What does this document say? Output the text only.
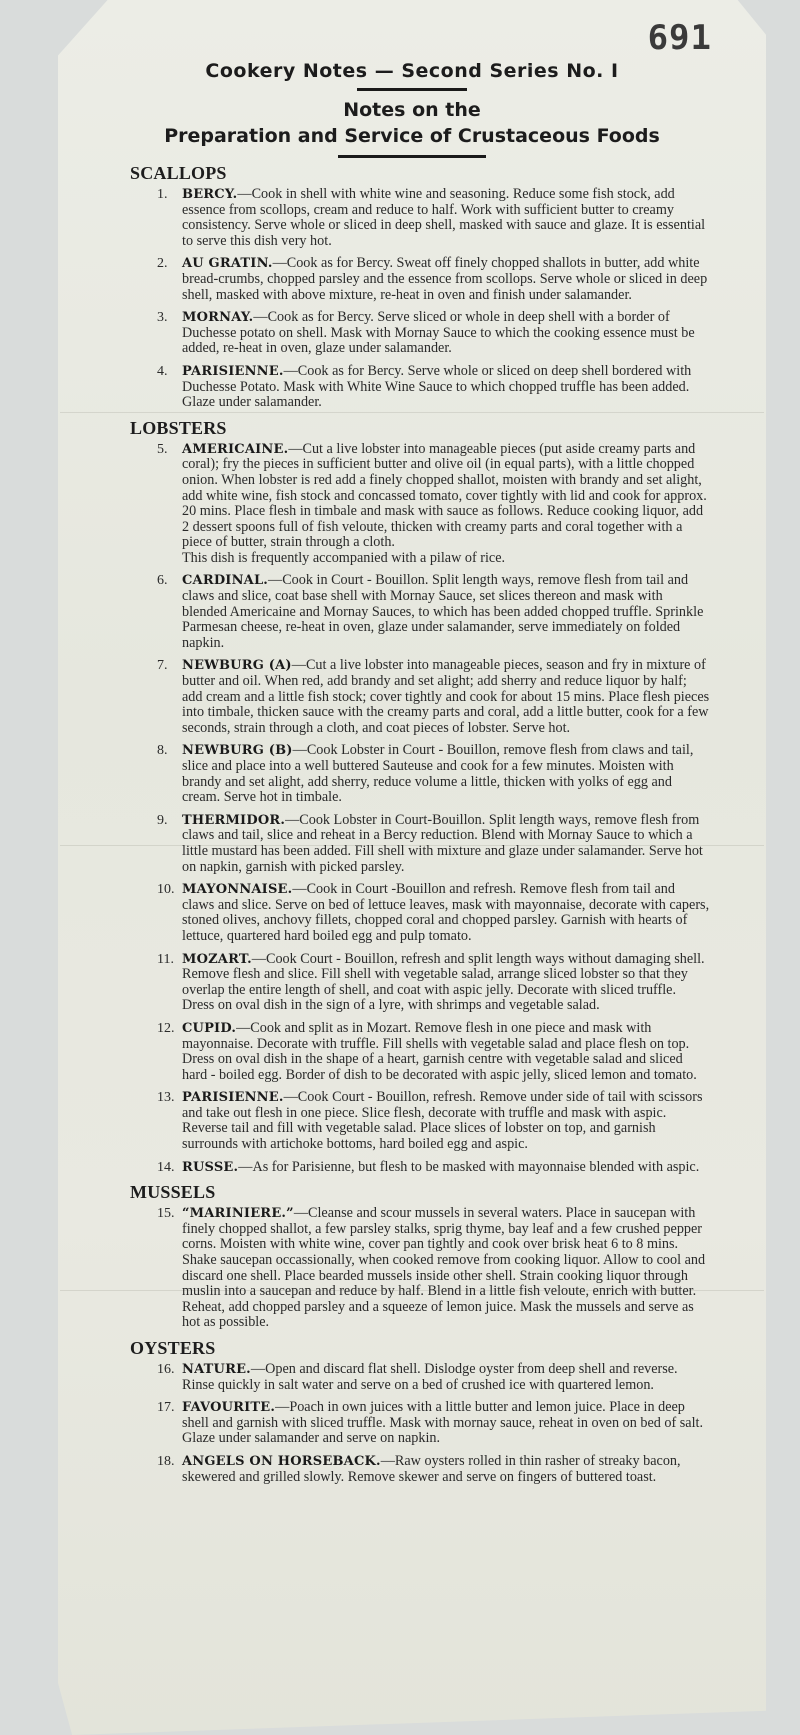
691

Cookery Notes — Second Series No. I

Notes on the

Preparation and Service of Crustaceous Foods

SCALLOPS
1. BERCY.—Cook in shell with white wine and seasoning. Reduce some fish stock, add essence from scollops, cream and reduce to half. Work with sufficient butter to creamy consistency. Serve whole or sliced in deep shell, masked with sauce and glaze. It is essential to serve this dish very hot.
2. AU GRATIN.—Cook as for Bercy. Sweat off finely chopped shallots in butter, add white bread-crumbs, chopped parsley and the essence from scollops. Serve whole or sliced in deep shell, masked with above mixture, re-heat in oven and finish under salamander.
3. MORNAY.—Cook as for Bercy. Serve sliced or whole in deep shell with a border of Duchesse potato on shell. Mask with Mornay Sauce to which the cooking essence must be added, re-heat in oven, glaze under salamander.
4. PARISIENNE.—Cook as for Bercy. Serve whole or sliced on deep shell bordered with Duchesse Potato. Mask with White Wine Sauce to which chopped truffle has been added. Glaze under salamander.
LOBSTERS
5. AMERICAINE.—Cut a live lobster into manageable pieces (put aside creamy parts and coral); fry the pieces in sufficient butter and olive oil (in equal parts), with a little chopped onion. When lobster is red add a finely chopped shallot, moisten with brandy and set alight, add white wine, fish stock and concassed tomato, cover tightly with lid and cook for approx. 20 mins. Place flesh in timbale and mask with sauce as follows. Reduce cooking liquor, add 2 dessert spoons full of fish veloute, thicken with creamy parts and coral together with a piece of butter, strain through a cloth.
This dish is frequently accompanied with a pilaw of rice.
6. CARDINAL.—Cook in Court - Bouillon. Split length ways, remove flesh from tail and claws and slice, coat base shell with Mornay Sauce, set slices thereon and mask with blended Americaine and Mornay Sauces, to which has been added chopped truffle. Sprinkle Parmesan cheese, re-heat in oven, glaze under salamander, serve immediately on folded napkin.
7. NEWBURG (A)—Cut a live lobster into manageable pieces, season and fry in mixture of butter and oil. When red, add brandy and set alight; add sherry and reduce liquor by half; add cream and a little fish stock; cover tightly and cook for about 15 mins. Place flesh pieces into timbale, thicken sauce with the creamy parts and coral, add a little butter, cook for a few seconds, strain through a cloth, and coat pieces of lobster. Serve hot.
8. NEWBURG (B)—Cook Lobster in Court - Bouillon, remove flesh from claws and tail, slice and place into a well buttered Sauteuse and cook for a few minutes. Moisten with brandy and set alight, add sherry, reduce volume a little, thicken with yolks of egg and cream. Serve hot in timbale.
9. THERMIDOR.—Cook Lobster in Court-Bouillon. Split length ways, remove flesh from claws and tail, slice and reheat in a Bercy reduction. Blend with Mornay Sauce to which a little mustard has been added. Fill shell with mixture and glaze under salamander. Serve hot on napkin, garnish with picked parsley.
10. MAYONNAISE.—Cook in Court -Bouillon and refresh. Remove flesh from tail and claws and slice. Serve on bed of lettuce leaves, mask with mayonnaise, decorate with capers, stoned olives, anchovy fillets, chopped coral and chopped parsley. Garnish with hearts of lettuce, quartered hard boiled egg and pulp tomato.
11. MOZART.—Cook Court - Bouillon, refresh and split length ways without damaging shell. Remove flesh and slice. Fill shell with vegetable salad, arrange sliced lobster so that they overlap the entire length of shell, and coat with aspic jelly. Decorate with sliced truffle. Dress on oval dish in the sign of a lyre, with shrimps and vegetable salad.
12. CUPID.—Cook and split as in Mozart. Remove flesh in one piece and mask with mayonnaise. Decorate with truffle. Fill shells with vegetable salad and place flesh on top. Dress on oval dish in the shape of a heart, garnish centre with vegetable salad and sliced hard - boiled egg. Border of dish to be decorated with aspic jelly, sliced lemon and tomato.
13. PARISIENNE.—Cook Court - Bouillon, refresh. Remove under side of tail with scissors and take out flesh in one piece. Slice flesh, decorate with truffle and mask with aspic. Reverse tail and fill with vegetable salad. Place slices of lobster on top, and garnish surrounds with artichoke bottoms, hard boiled egg and aspic.
14. RUSSE.—As for Parisienne, but flesh to be masked with mayonnaise blended with aspic.
MUSSELS
15. “MARINIERE.”—Cleanse and scour mussels in several waters. Place in saucepan with finely chopped shallot, a few parsley stalks, sprig thyme, bay leaf and a few crushed pepper corns. Moisten with white wine, cover pan tightly and cook over brisk heat 6 to 8 mins. Shake saucepan occassionally, when cooked remove from cooking liquor. Allow to cool and discard one shell. Place bearded mussels inside other shell. Strain cooking liquor through muslin into a saucepan and reduce by half. Blend in a little fish veloute, enrich with butter. Reheat, add chopped parsley and a squeeze of lemon juice. Mask the mussels and serve as hot as possible.
OYSTERS
16. NATURE.—Open and discard flat shell. Dislodge oyster from deep shell and reverse. Rinse quickly in salt water and serve on a bed of crushed ice with quartered lemon.
17. FAVOURITE.—Poach in own juices with a little butter and lemon juice. Place in deep shell and garnish with sliced truffle. Mask with mornay sauce, reheat in oven on bed of salt. Glaze under salamander and serve on napkin.
18. ANGELS ON HORSEBACK.—Raw oysters rolled in thin rasher of streaky bacon, skewered and grilled slowly. Remove skewer and serve on fingers of buttered toast.
